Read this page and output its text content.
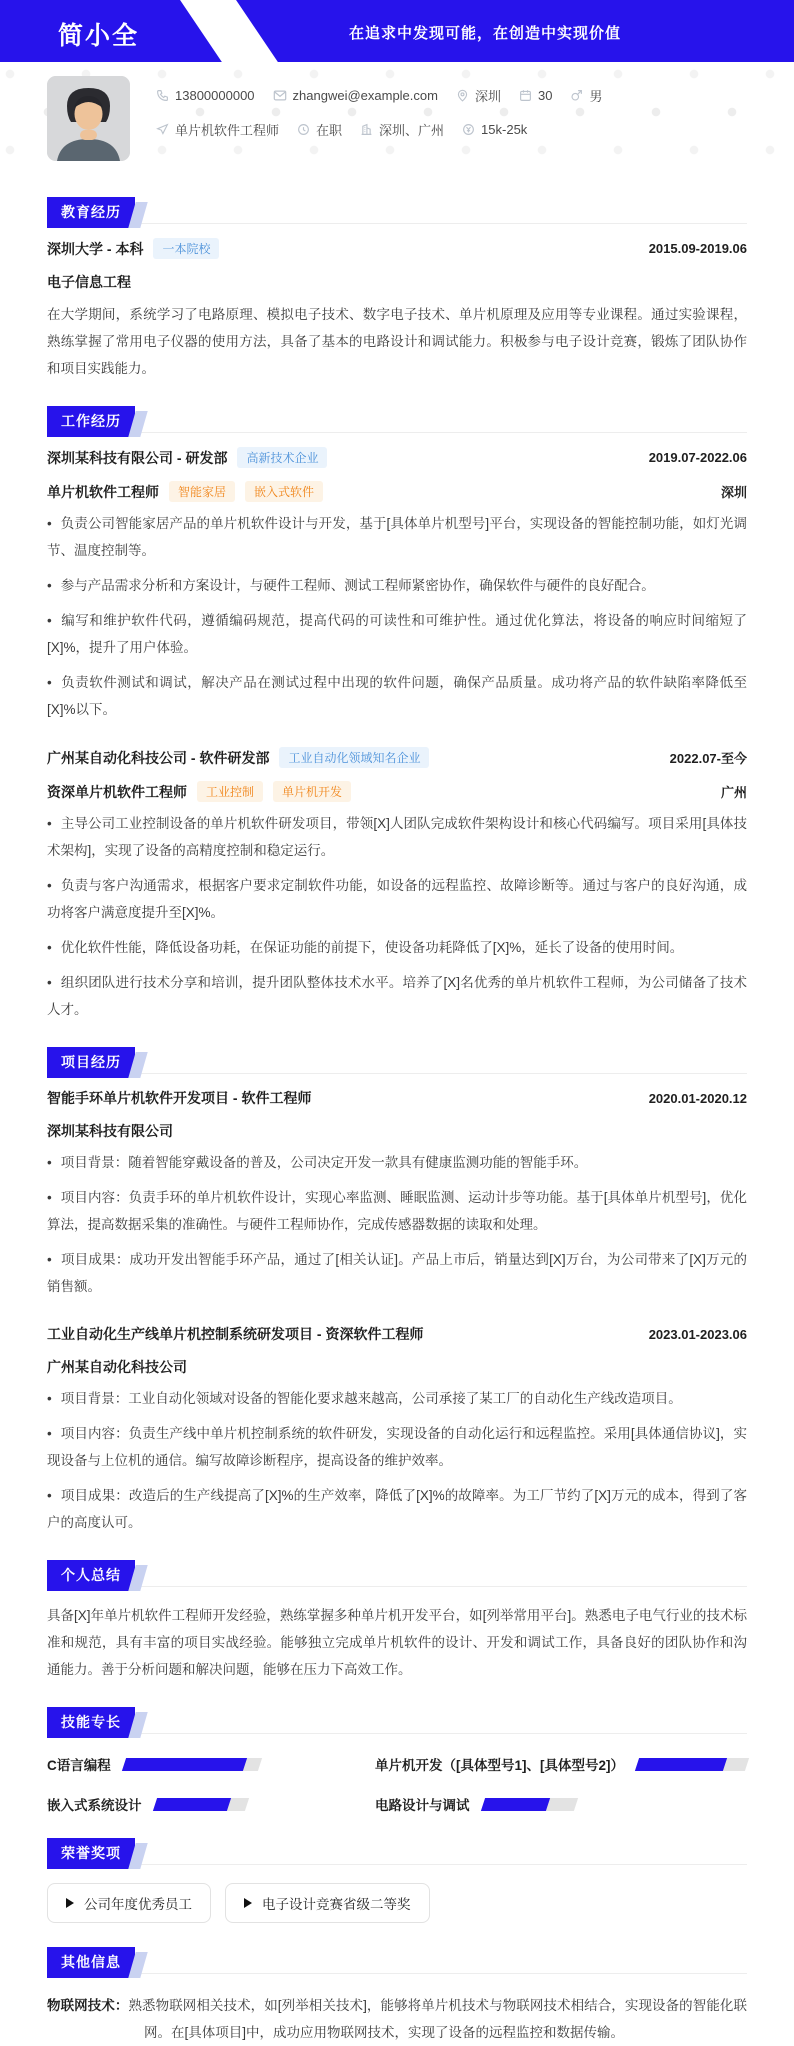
简小全	在追求中发现可能，在创造中实现价值
13800000000	zhangwei@example.com	深圳	30	男
单片机软件工程师	在职	深圳、广州	15k-25k
教育经历
深圳大学 - 本科	一本院校	2015.09-2019.06
电子信息工程

在大学期间，系统学习了电路原理、模拟电子技术、数字电子技术、单片机原理及应用等专业课程。通过实验课程，熟练掌握了常用电子仪器的使用方法，具备了基本的电路设计和调试能力。积极参与电子设计竞赛，锻炼了团队协作和项目实践能力。

工作经历
深圳某科技有限公司 - 研发部	高新技术企业	2019.07-2022.06
单片机软件工程师	智能家居	嵌入式软件	深圳

• 负责公司智能家居产品的单片机软件设计与开发，基于[具体单片机型号]平台，实现设备的智能控制功能，如灯光调节、温度控制等。

• 参与产品需求分析和方案设计，与硬件工程师、测试工程师紧密协作，确保软件与硬件的良好配合。

• 编写和维护软件代码，遵循编码规范，提高代码的可读性和可维护性。通过优化算法，将设备的响应时间缩短了[X]%，提升了用户体验。

• 负责软件测试和调试，解决产品在测试过程中出现的软件问题，确保产品质量。成功将产品的软件缺陷率降低至[X]%以下。

广州某自动化科技公司 - 软件研发部	工业自动化领域知名企业	2022.07-至今
资深单片机软件工程师	工业控制	单片机开发	广州

• 主导公司工业控制设备的单片机软件研发项目，带领[X]人团队完成软件架构设计和核心代码编写。项目采用[具体技术架构]，实现了设备的高精度控制和稳定运行。

• 负责与客户沟通需求，根据客户要求定制软件功能，如设备的远程监控、故障诊断等。通过与客户的良好沟通，成功将客户满意度提升至[X]%。

• 优化软件性能，降低设备功耗，在保证功能的前提下，使设备功耗降低了[X]%，延长了设备的使用时间。

• 组织团队进行技术分享和培训，提升团队整体技术水平。培养了[X]名优秀的单片机软件工程师，为公司储备了技术人才。

项目经历
智能手环单片机软件开发项目 - 软件工程师	2020.01-2020.12
深圳某科技有限公司

• 项目背景：随着智能穿戴设备的普及，公司决定开发一款具有健康监测功能的智能手环。

• 项目内容：负责手环的单片机软件设计，实现心率监测、睡眠监测、运动计步等功能。基于[具体单片机型号]，优化算法，提高数据采集的准确性。与硬件工程师协作，完成传感器数据的读取和处理。

• 项目成果：成功开发出智能手环产品，通过了[相关认证]。产品上市后，销量达到[X]万台，为公司带来了[X]万元的销售额。

工业自动化生产线单片机控制系统研发项目 - 资深软件工程师	2023.01-2023.06
广州某自动化科技公司

• 项目背景：工业自动化领域对设备的智能化要求越来越高，公司承接了某工厂的自动化生产线改造项目。

• 项目内容：负责生产线中单片机控制系统的软件研发，实现设备的自动化运行和远程监控。采用[具体通信协议]，实现设备与上位机的通信。编写故障诊断程序，提高设备的维护效率。

• 项目成果：改造后的生产线提高了[X]%的生产效率，降低了[X]%的故障率。为工厂节约了[X]万元的成本，得到了客户的高度认可。

个人总结

具备[X]年单片机软件工程师开发经验，熟练掌握多种单片机开发平台，如[列举常用平台]。熟悉电子电气行业的技术标准和规范，具有丰富的项目实战经验。能够独立完成单片机软件的设计、开发和调试工作，具备良好的团队协作和沟通能力。善于分析问题和解决问题，能够在压力下高效工作。

技能专长
C语言编程	单片机开发（[具体型号1]、[具体型号2]）
嵌入式系统设计	电路设计与调试
荣誉奖项
公司年度优秀员工	电子设计竞赛省级二等奖
其他信息

物联网技术：熟悉物联网相关技术，如[列举相关技术]，能够将单片机技术与物联网技术相结合，实现设备的智能化联网。在[具体项目]中，成功应用物联网技术，实现了设备的远程监控和数据传输。
